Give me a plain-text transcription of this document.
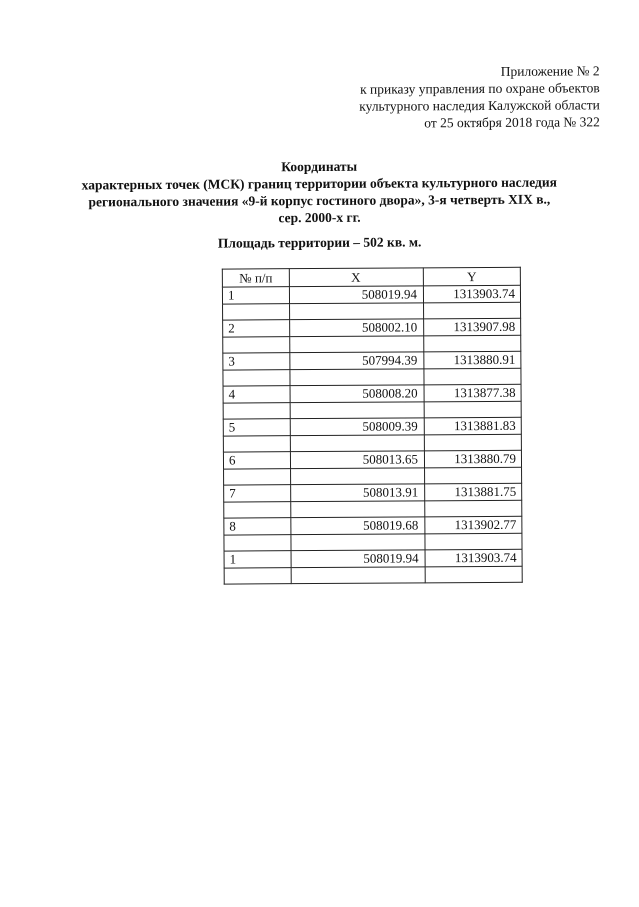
Приложение № 2
к приказу управления по охране объектов
культурного наследия Калужской области
от 25 октября 2018 года № 322
Координаты
характерных точек (МСК) границ территории объекта культурного наследия
регионального значения «9-й корпус гостиного двора», 3-я четверть XIX в.,
сер. 2000-х гг.
Площадь территории – 502 кв. м.
№ п/п	X	Y
1	508019.94	1313903.74

2	508002.10	1313907.98

3	507994.39	1313880.91

4	508008.20	1313877.38

5	508009.39	1313881.83

6	508013.65	1313880.79

7	508013.91	1313881.75

8	508019.68	1313902.77

1	508019.94	1313903.74
